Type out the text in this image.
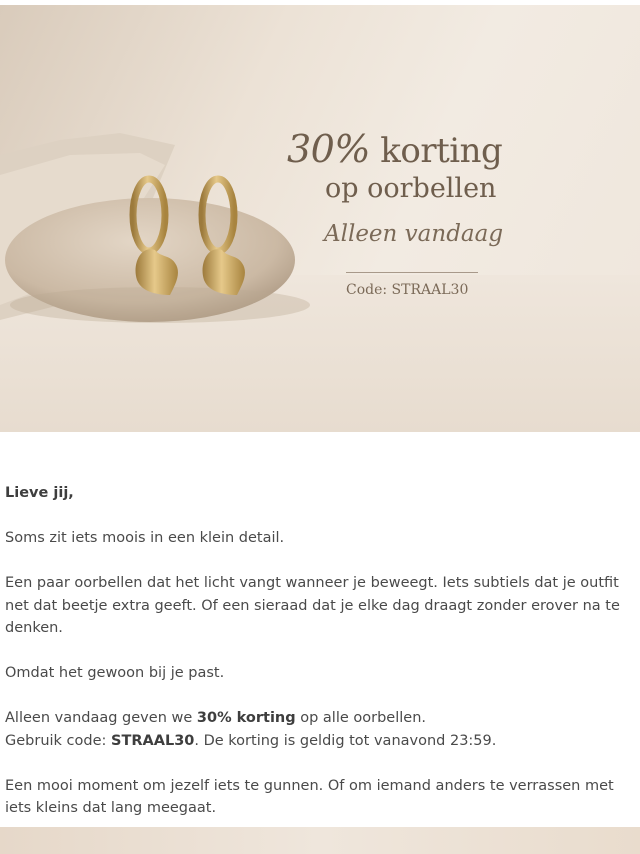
30% korting
op oorbellen
Alleen vandaag
Code: STRAAL30

Lieve jij,

Soms zit iets moois in een klein detail.

Een paar oorbellen dat het licht vangt wanneer je beweegt. Iets subtiels dat je outfit net dat beetje extra geeft. Of een sieraad dat je elke dag draagt zonder erover na te denken.

Omdat het gewoon bij je past.

Alleen vandaag geven we 30% korting op alle oorbellen.

Gebruik code: STRAAL30. De korting is geldig tot vanavond 23:59.

Een mooi moment om jezelf iets te gunnen. Of om iemand anders te verrassen met iets kleins dat lang meegaat.
